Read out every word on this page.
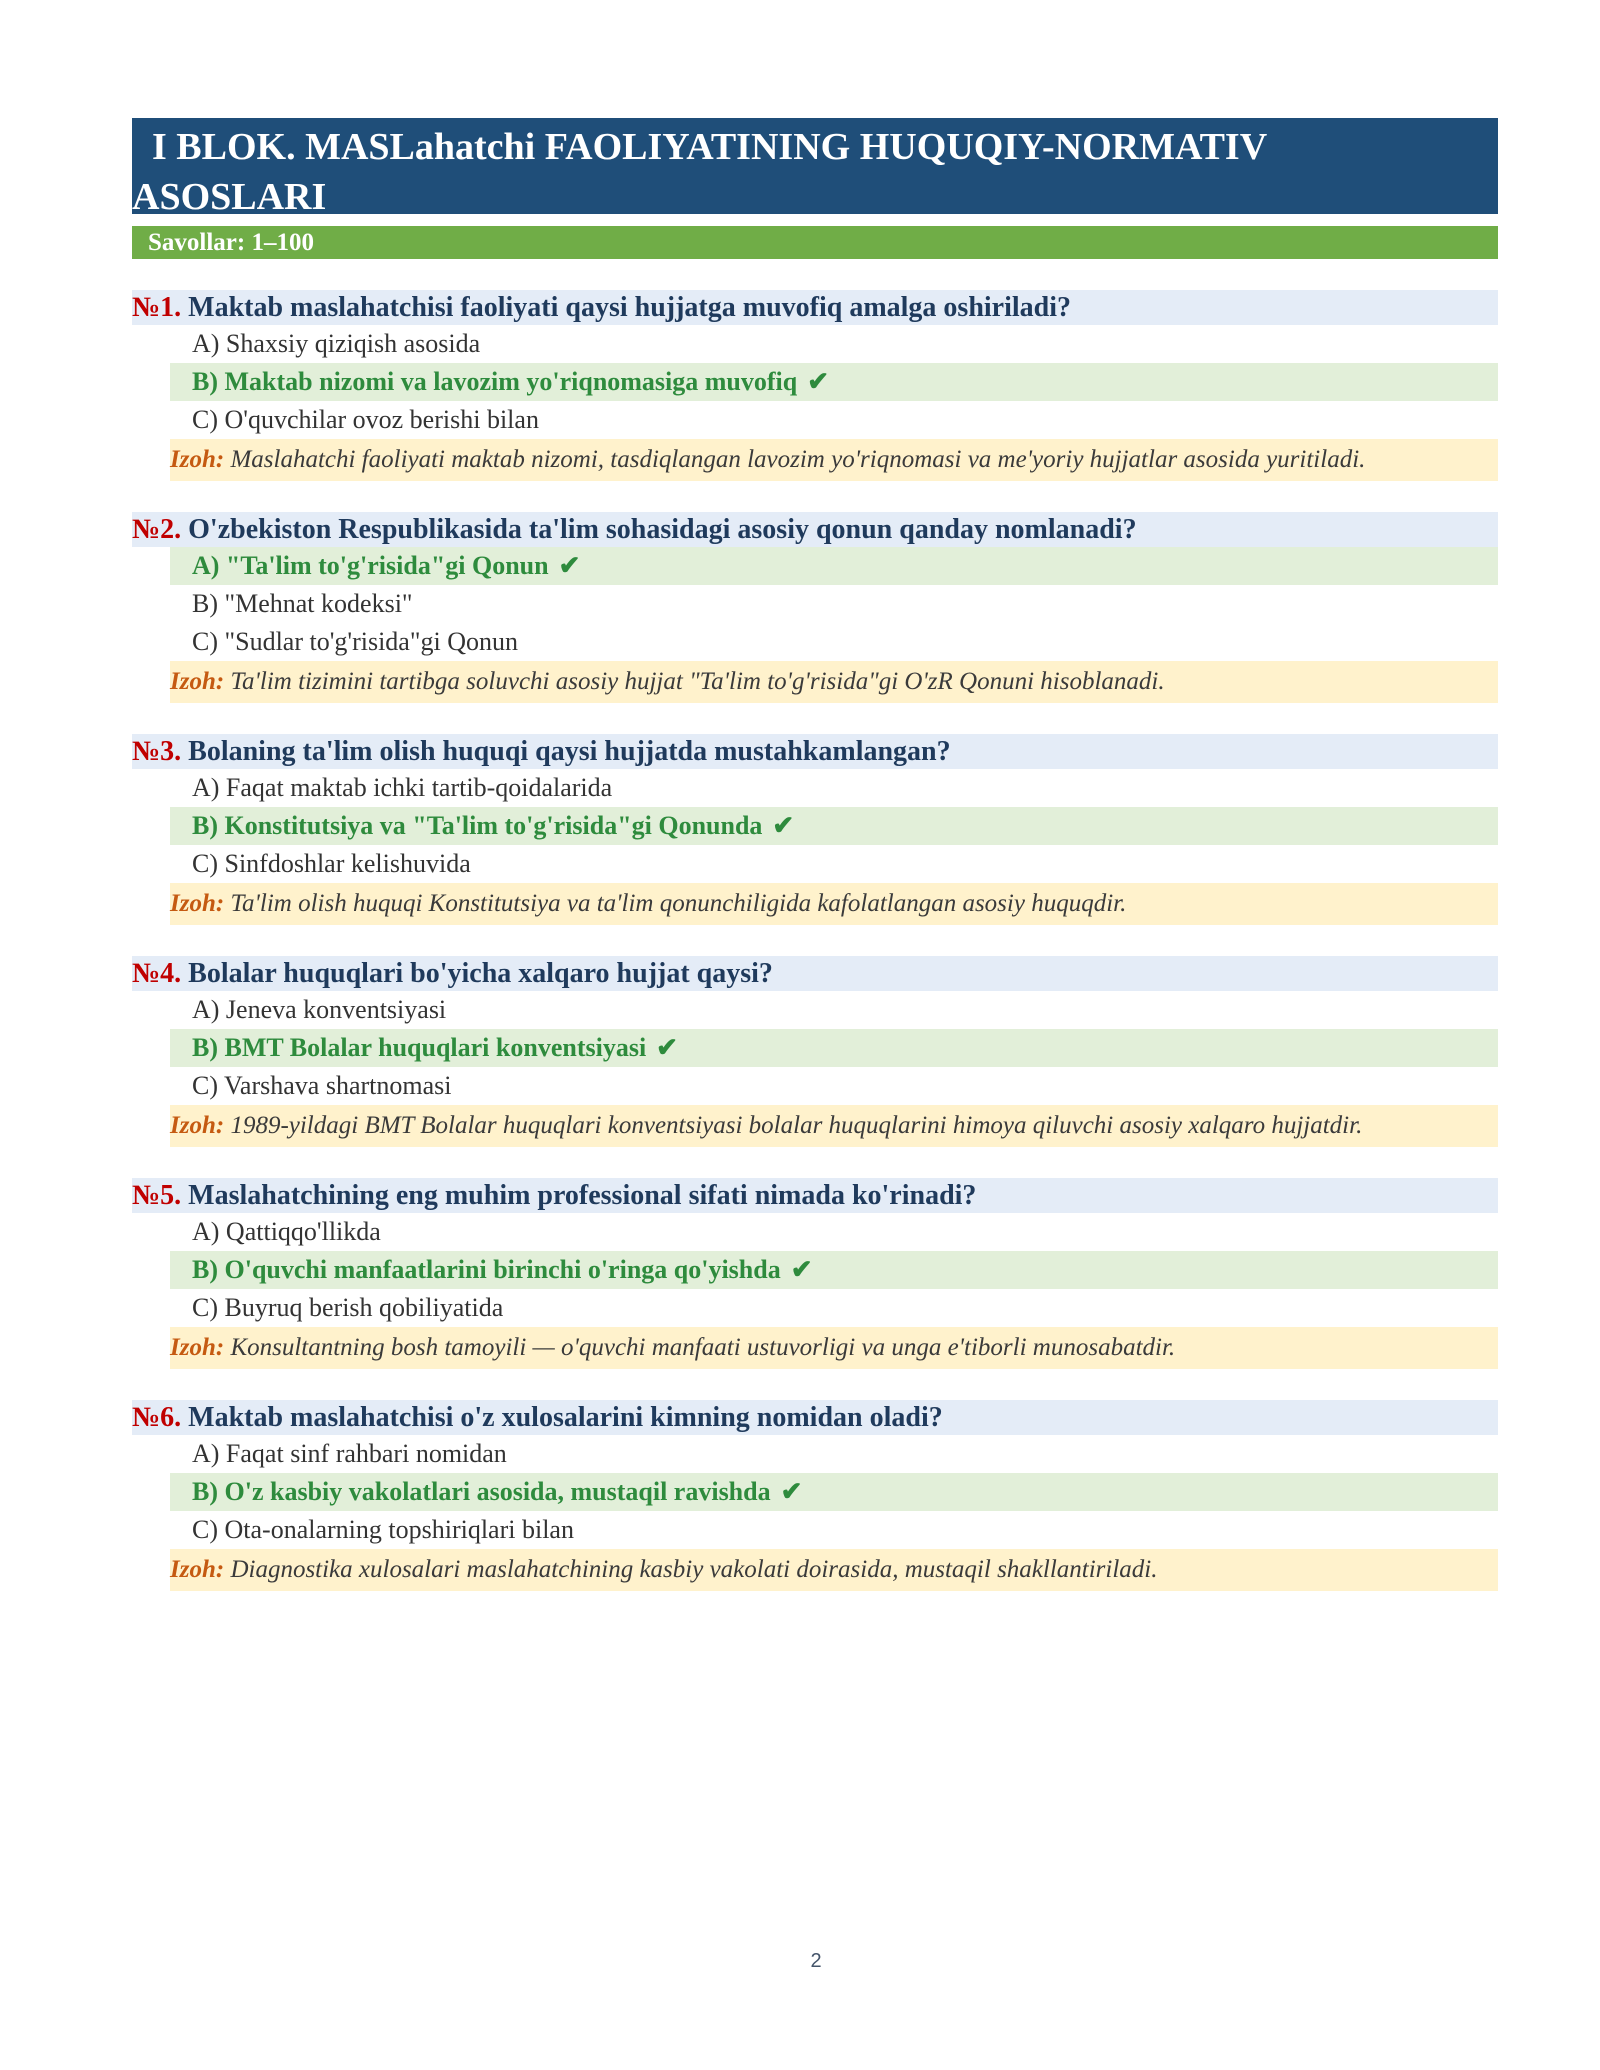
I BLOK. MASLahatchi FAOLIYATINING HUQUQIY-NORMATIV
ASOSLARI
Savollar: 1–100
№1. Maktab maslahatchisi faoliyati qaysi hujjatga muvofiq amalga oshiriladi?
A) Shaxsiy qiziqish asosida
B) Maktab nizomi va lavozim yo'riqnomasiga muvofiq ✔
C) O'quvchilar ovoz berishi bilan
Izoh: Maslahatchi faoliyati maktab nizomi, tasdiqlangan lavozim yo'riqnomasi va me'yoriy hujjatlar asosida yuritiladi.
№2. O'zbekiston Respublikasida ta'lim sohasidagi asosiy qonun qanday nomlanadi?
A) "Ta'lim to'g'risida"gi Qonun ✔
B) "Mehnat kodeksi"
C) "Sudlar to'g'risida"gi Qonun
Izoh: Ta'lim tizimini tartibga soluvchi asosiy hujjat "Ta'lim to'g'risida"gi O'zR Qonuni hisoblanadi.
№3. Bolaning ta'lim olish huquqi qaysi hujjatda mustahkamlangan?
A) Faqat maktab ichki tartib-qoidalarida
B) Konstitutsiya va "Ta'lim to'g'risida"gi Qonunda ✔
C) Sinfdoshlar kelishuvida
Izoh: Ta'lim olish huquqi Konstitutsiya va ta'lim qonunchiligida kafolatlangan asosiy huquqdir.
№4. Bolalar huquqlari bo'yicha xalqaro hujjat qaysi?
A) Jeneva konventsiyasi
B) BMT Bolalar huquqlari konventsiyasi ✔
C) Varshava shartnomasi
Izoh: 1989-yildagi BMT Bolalar huquqlari konventsiyasi bolalar huquqlarini himoya qiluvchi asosiy xalqaro hujjatdir.
№5. Maslahatchining eng muhim professional sifati nimada ko'rinadi?
A) Qattiqqo'llikda
B) O'quvchi manfaatlarini birinchi o'ringa qo'yishda ✔
C) Buyruq berish qobiliyatida
Izoh: Konsultantning bosh tamoyili — o'quvchi manfaati ustuvorligi va unga e'tiborli munosabatdir.
№6. Maktab maslahatchisi o'z xulosalarini kimning nomidan oladi?
A) Faqat sinf rahbari nomidan
B) O'z kasbiy vakolatlari asosida, mustaqil ravishda ✔
C) Ota-onalarning topshiriqlari bilan
Izoh: Diagnostika xulosalari maslahatchining kasbiy vakolati doirasida, mustaqil shakllantiriladi.
2
